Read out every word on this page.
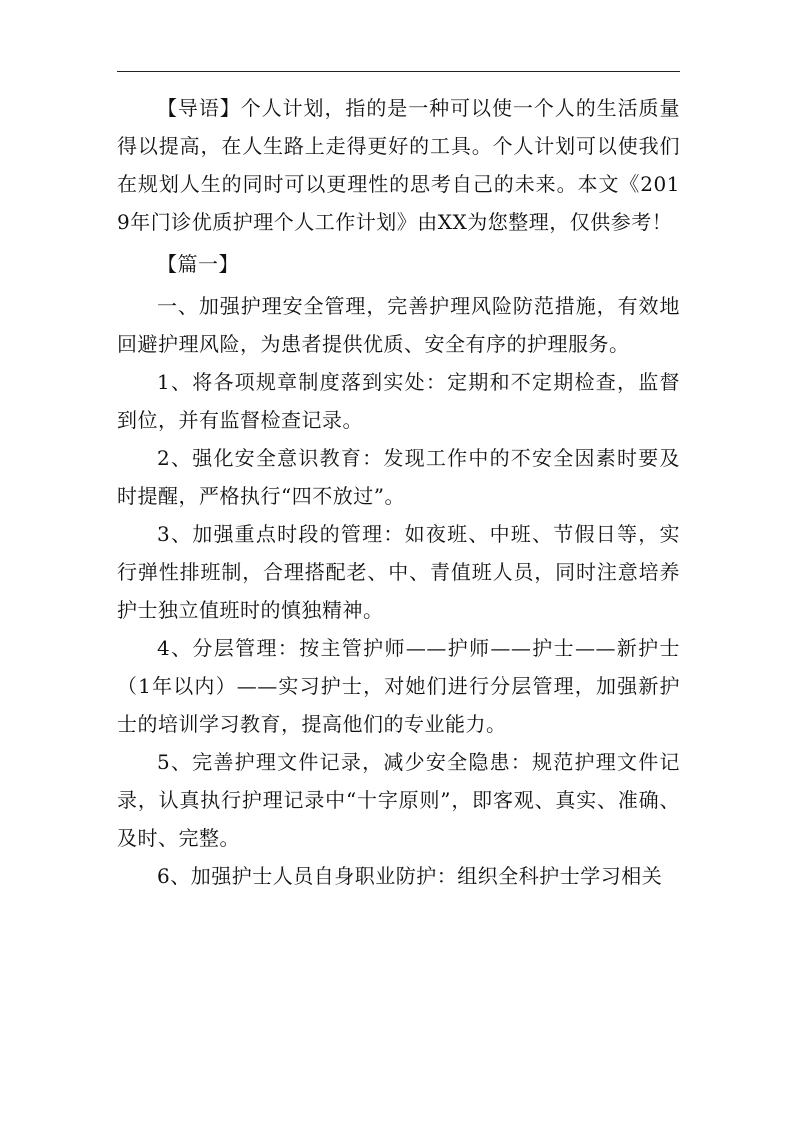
【导语】个人计划，指的是一种可以使一个人的生活质量得以提高，在人生路上走得更好的工具。个人计划可以使我们在规划人生的同时可以更理性的思考自己的未来。本文《2019年门诊优质护理个人工作计划》由XX为您整理，仅供参考！

【篇一】

一、加强护理安全管理，完善护理风险防范措施，有效地回避护理风险，为患者提供优质、安全有序的护理服务。

1、将各项规章制度落到实处：定期和不定期检查，监督到位，并有监督检查记录。

2、强化安全意识教育：发现工作中的不安全因素时要及时提醒，严格执行“四不放过”。

3、加强重点时段的管理：如夜班、中班、节假日等，实行弹性排班制，合理搭配老、中、青值班人员，同时注意培养护士独立值班时的慎独精神。

4、分层管理：按主管护师——护师——护士——新护士（1年以内）——实习护士，对她们进行分层管理，加强新护士的培训学习教育，提高他们的专业能力。

5、完善护理文件记录，减少安全隐患：规范护理文件记录，认真执行护理记录中“十字原则”，即客观、真实、准确、及时、完整。

6、加强护士人员自身职业防护：组织全科护士学习相关
